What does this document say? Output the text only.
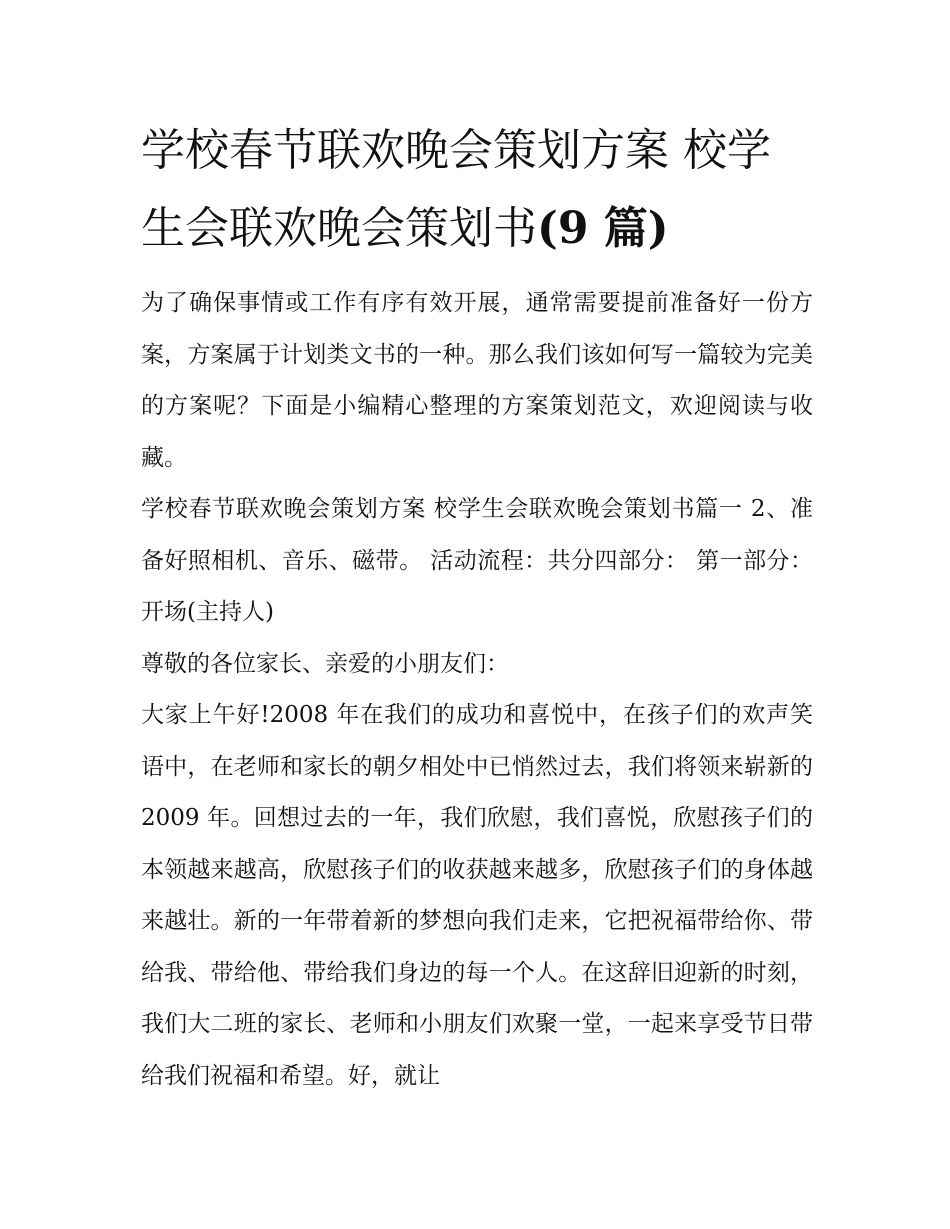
学校春节联欢晚会策划方案 校学生会联欢晚会策划书(9 篇)

为了确保事情或工作有序有效开展，通常需要提前准备好一份方案，方案属于计划类文书的一种。那么我们该如何写一篇较为完美的方案呢？下面是小编精心整理的方案策划范文，欢迎阅读与收藏。

学校春节联欢晚会策划方案 校学生会联欢晚会策划书篇一 2、准备好照相机、音乐、磁带。 活动流程：共分四部分： 第一部分：开场(主持人)

尊敬的各位家长、亲爱的小朋友们：

大家上午好!2008 年在我们的成功和喜悦中，在孩子们的欢声笑语中，在老师和家长的朝夕相处中已悄然过去，我们将领来崭新的 2009 年。回想过去的一年，我们欣慰，我们喜悦，欣慰孩子们的本领越来越高，欣慰孩子们的收获越来越多，欣慰孩子们的身体越来越壮。新的一年带着新的梦想向我们走来，它把祝福带给你、带给我、带给他、带给我们身边的每一个人。在这辞旧迎新的时刻，我们大二班的家长、老师和小朋友们欢聚一堂，一起来享受节日带给我们祝福和希望。好，就让
